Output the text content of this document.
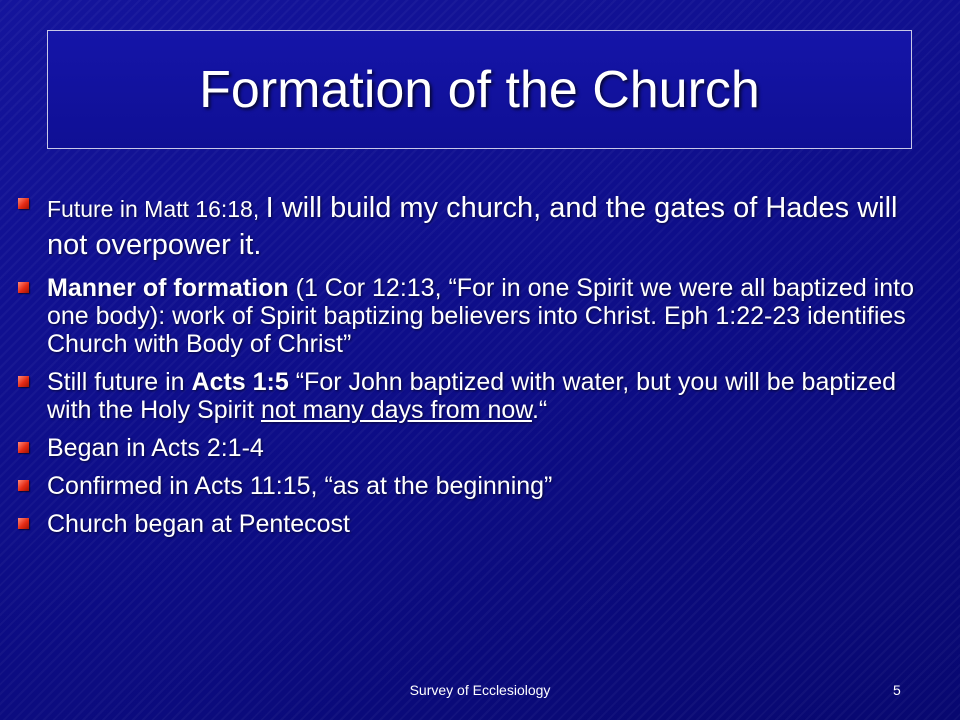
Formation of the Church
Future in Matt 16:18, I will build my church, and the gates of Hades will not overpower it.
Manner of formation (1 Cor 12:13, “For in one Spirit we were all baptized into one body): work of Spirit baptizing believers into Christ. Eph 1:22-23 identifies Church with Body of Christ”
Still future in Acts 1:5 “For John baptized with water, but you will be baptized with the Holy Spirit not many days from now.“
Began in Acts 2:1-4
Confirmed in Acts 11:15, “as at the beginning”
Church began at Pentecost
Survey of Ecclesiology	5
